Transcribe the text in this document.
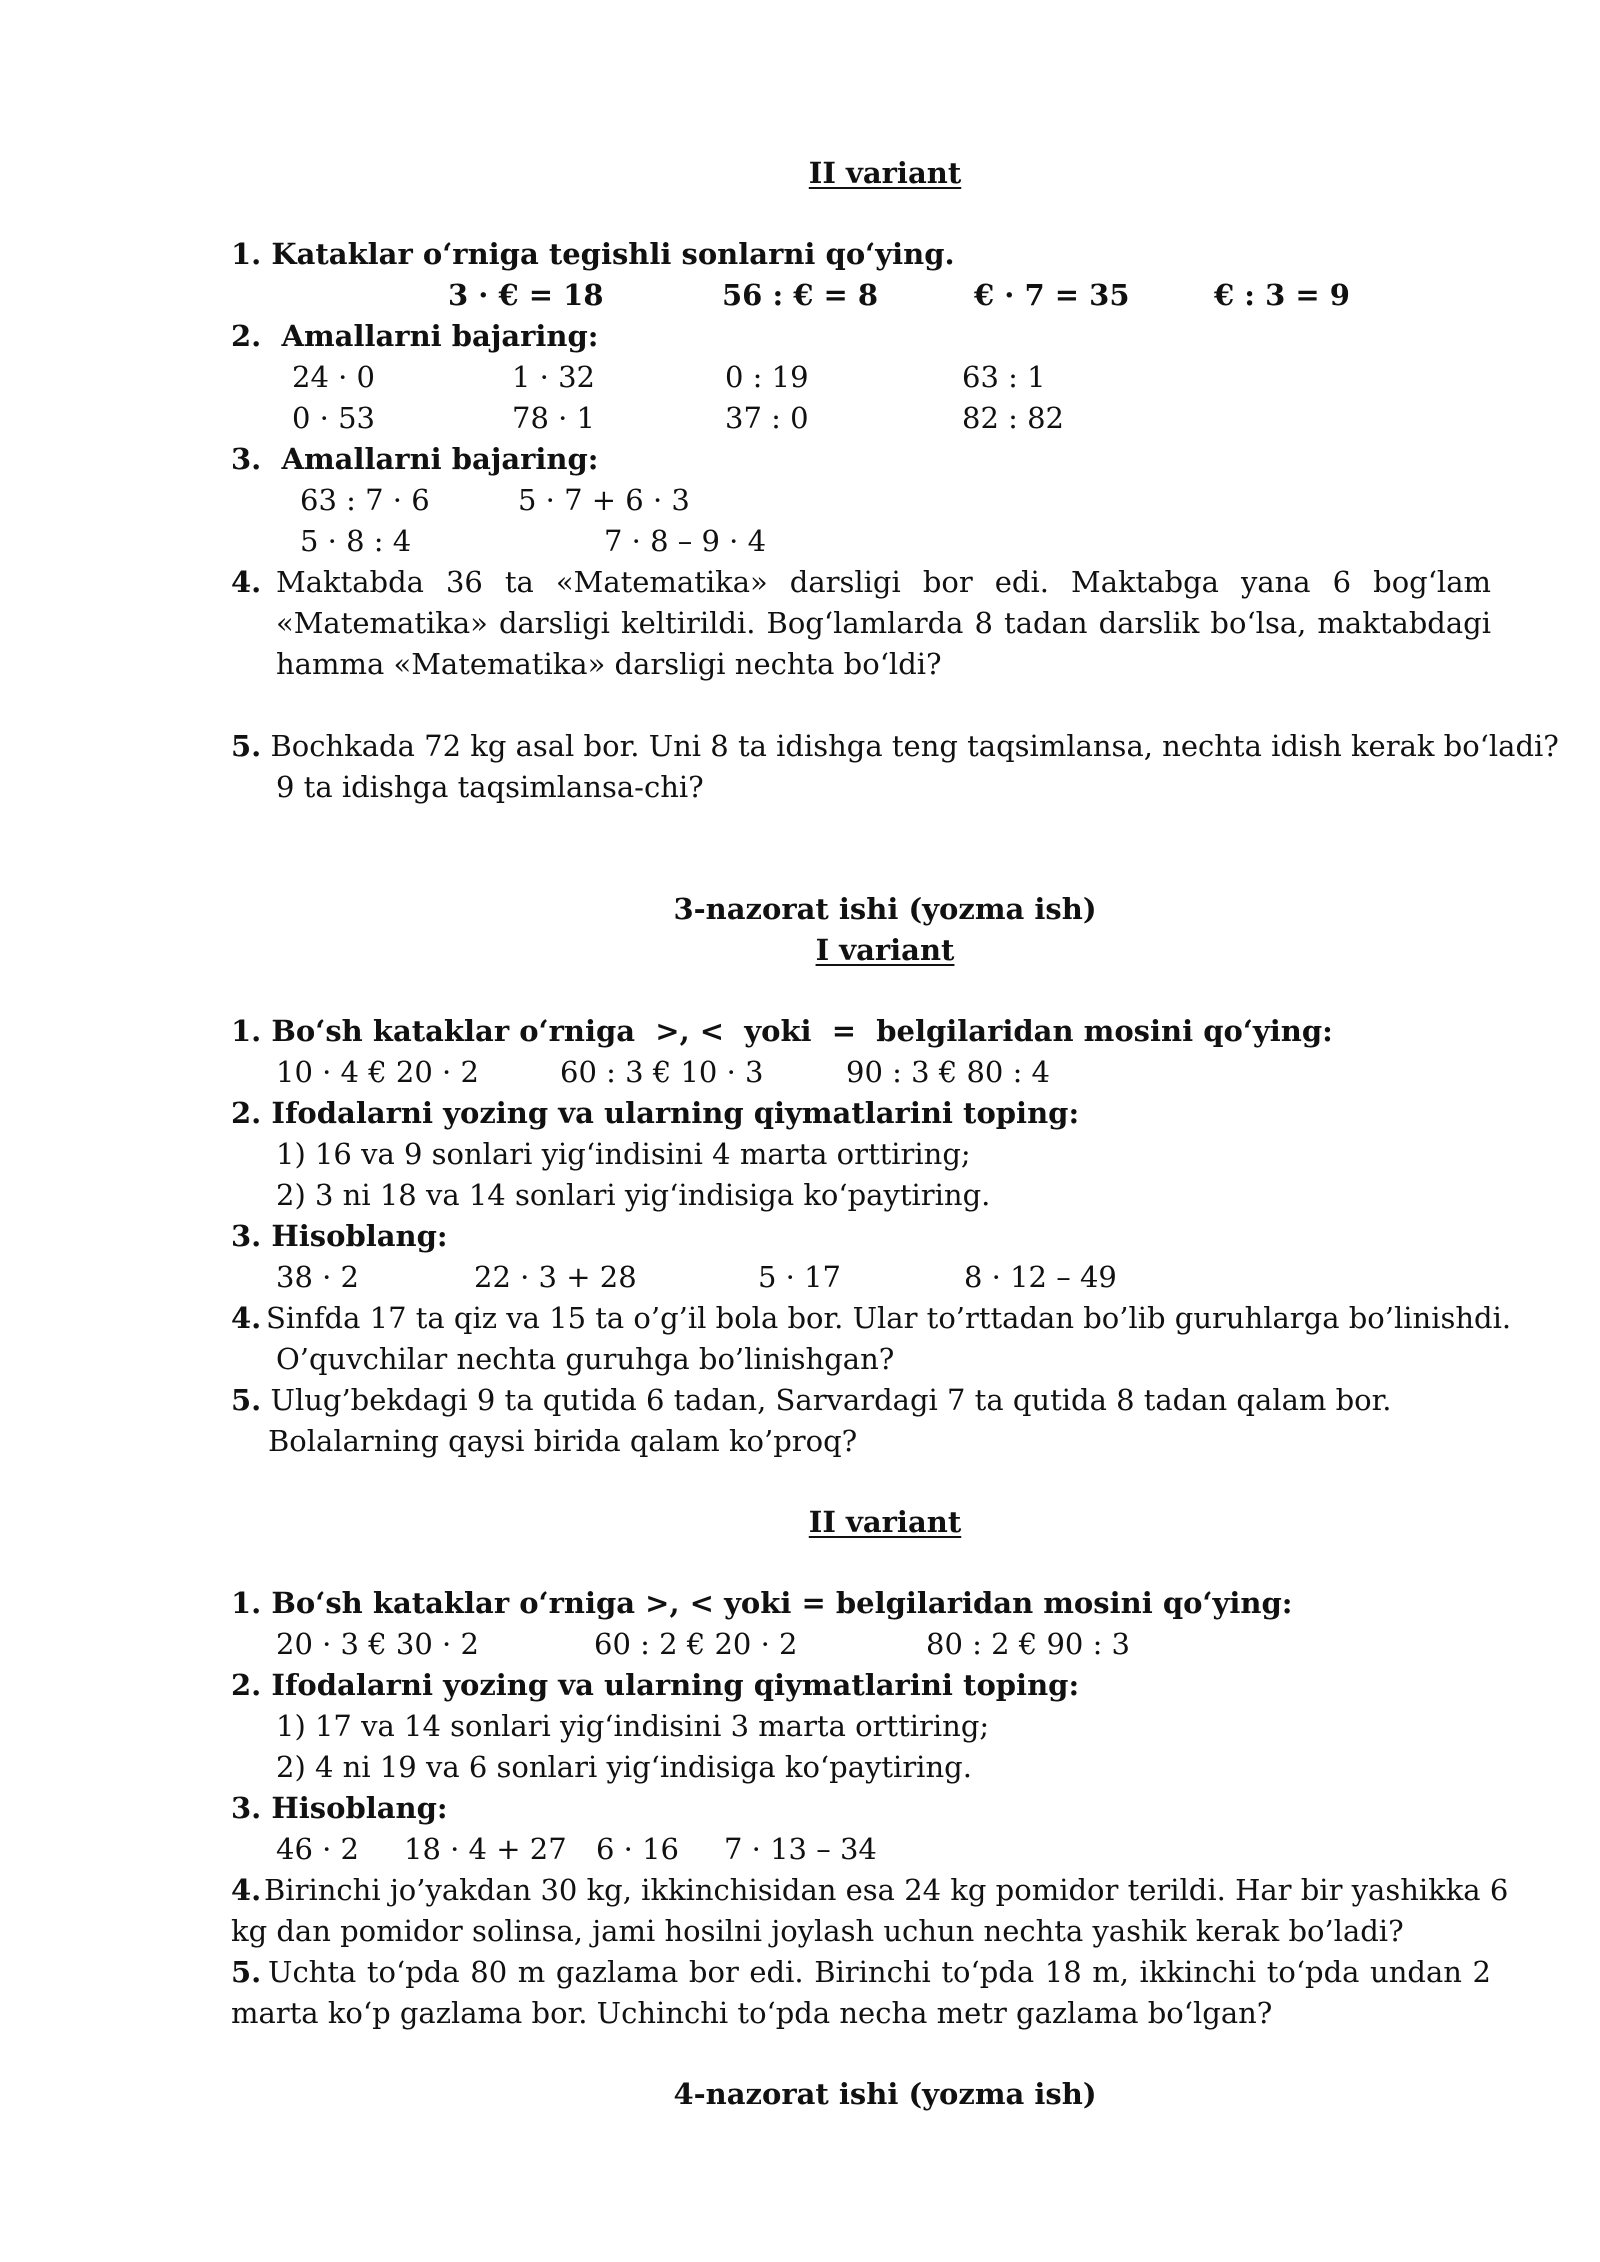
II variant
1. Kataklar o‘rniga tegishli sonlarni qo‘ying.
3 · € = 18	56 : € = 8	€ · 7 = 35	€ : 3 = 9
2. Amallarni bajaring:
24 · 0	1 · 32	0 : 19	63 : 1
0 · 53	78 · 1	37 : 0	82 : 82
3. Amallarni bajaring:
63 : 7 · 6	5 · 7 + 6 · 3
5 · 8 : 4	7 · 8 – 9 · 4
4. Maktabda 36 ta «Matematika» darsligi bor edi. Maktabga yana 6 bog‘lam
«Matematika» darsligi keltirildi. Bog‘lamlarda 8 tadan darslik bo‘lsa, maktabdagi
hamma «Matematika» darsligi nechta bo‘ldi?
5. Bochkada 72 kg asal bor. Uni 8 ta idishga teng taqsimlansa, nechta idish kerak bo‘ladi?
9 ta idishga taqsimlansa-chi?
3-nazorat ishi (yozma ish)
I variant
1. Bo‘sh kataklar o‘rniga  >, <  yoki  =  belgilaridan mosini qo‘ying:
10 · 4 € 20 · 2	60 : 3 € 10 · 3	90 : 3 € 80 : 4
2. Ifodalarni yozing va ularning qiymatlarini toping:
1) 16 va 9 sonlari yig‘indisini 4 marta orttiring;
2) 3 ni 18 va 14 sonlari yig‘indisiga ko‘paytiring.
3. Hisoblang:
38 · 2	22 · 3 + 28	5 · 17	8 · 12 – 49
4. Sinfda 17 ta qiz va 15 ta o’g’il bola bor. Ular to’rttadan bo’lib guruhlarga bo’linishdi.
O’quvchilar nechta guruhga bo’linishgan?
5. Ulug’bekdagi 9 ta qutida 6 tadan, Sarvardagi 7 ta qutida 8 tadan qalam bor.
Bolalarning qaysi birida qalam ko’proq?
II variant
1. Bo‘sh kataklar o‘rniga >, < yoki = belgilaridan mosini qo‘ying:
20 · 3 € 30 · 2	60 : 2 € 20 · 2	80 : 2 € 90 : 3
2. Ifodalarni yozing va ularning qiymatlarini toping:
1) 17 va 14 sonlari yig‘indisini 3 marta orttiring;
2) 4 ni 19 va 6 sonlari yig‘indisiga ko‘paytiring.
3. Hisoblang:
46 · 2 18 · 4 + 27 6 · 16 7 · 13 – 34
4. Birinchi jo’yakdan 30 kg, ikkinchisidan esa 24 kg pomidor terildi. Har bir yashikka 6
kg dan pomidor solinsa, jami hosilni joylash uchun nechta yashik kerak bo’ladi?
5. Uchta to‘pda 80 m gazlama bor edi. Birinchi to‘pda 18 m, ikkinchi to‘pda undan 2
marta ko‘p gazlama bor. Uchinchi to‘pda necha metr gazlama bo‘lgan?
4-nazorat ishi (yozma ish)
